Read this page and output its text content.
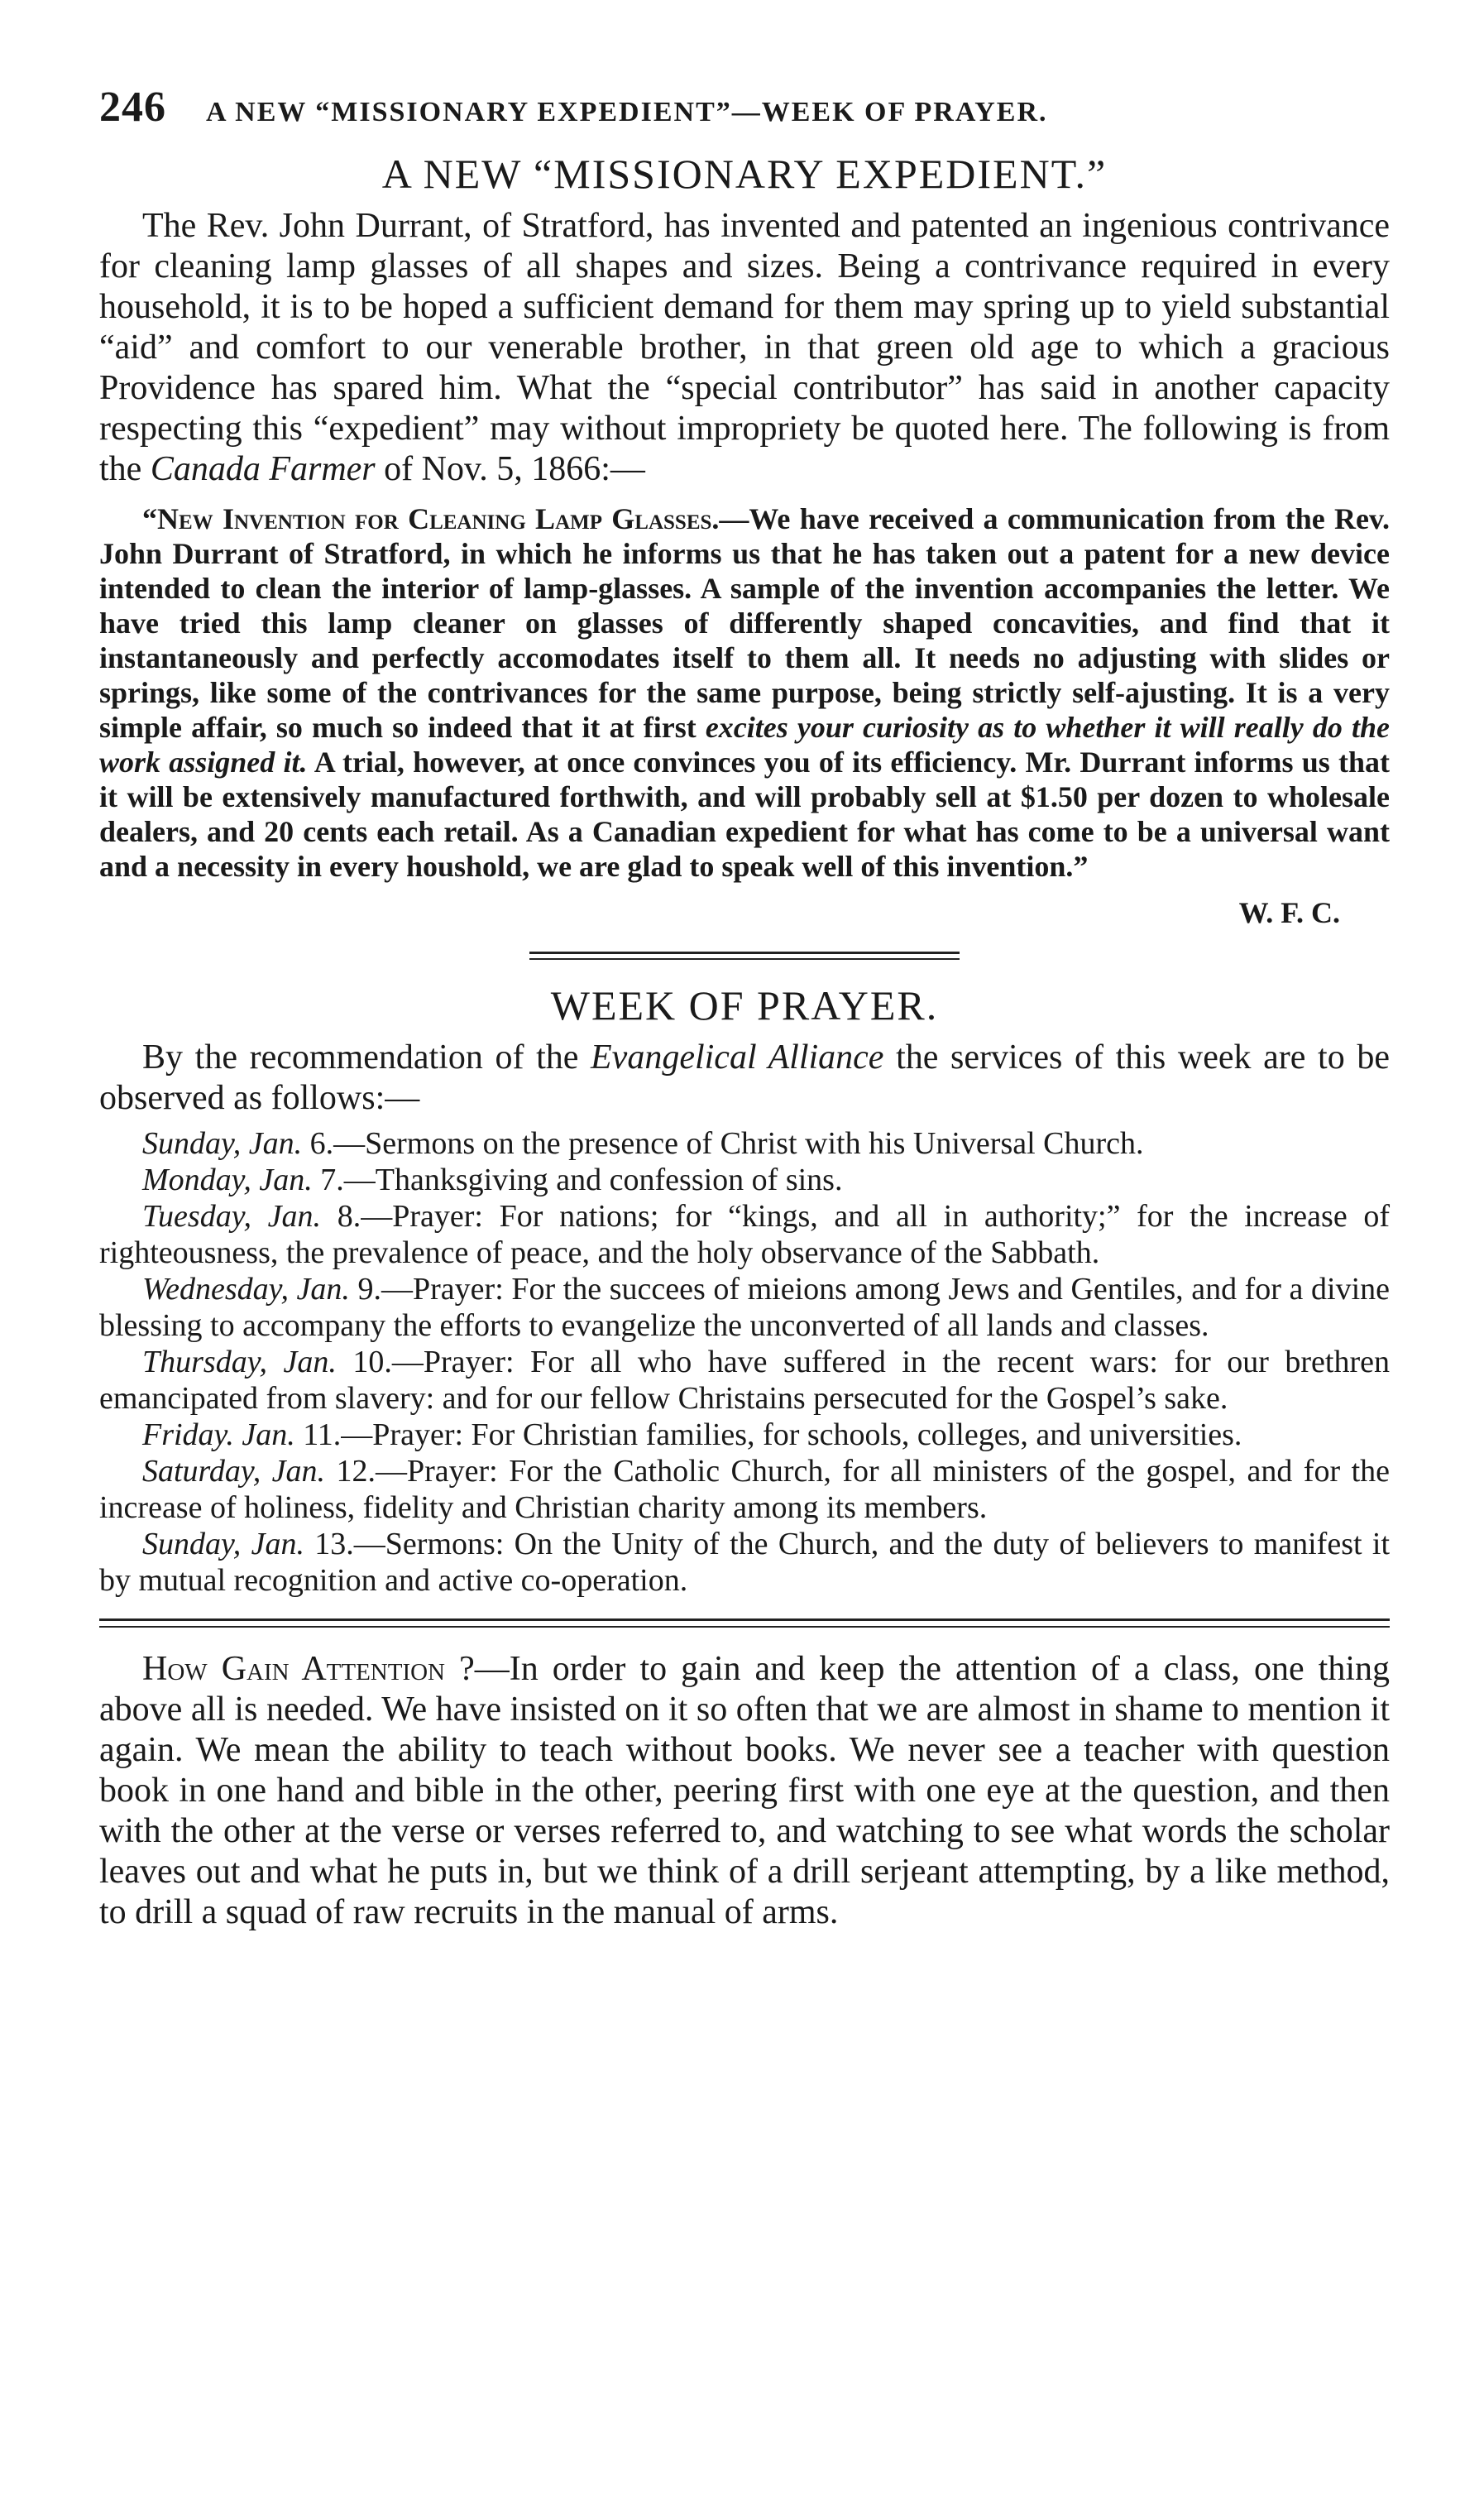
246 A NEW “MISSIONARY EXPEDIENT”—WEEK OF PRAYER.
A NEW “MISSIONARY EXPEDIENT.”

The Rev. John Durrant, of Stratford, has invented and patented an ingenious contrivance for cleaning lamp glasses of all shapes and sizes. Being a contrivance required in every household, it is to be hoped a sufficient demand for them may spring up to yield substantial “aid” and comfort to our venerable brother, in that green old age to which a gracious Providence has spared him. What the “special contributor” has said in another capacity respecting this “expedient” may without impropriety be quoted here. The following is from the Canada Farmer of Nov. 5, 1866:—

“New Invention for Cleaning Lamp Glasses.—We have received a communication from the Rev. John Durrant of Stratford, in which he informs us that he has taken out a patent for a new device intended to clean the interior of lamp-glasses. A sample of the invention accompanies the letter. We have tried this lamp cleaner on glasses of differently shaped concavities, and find that it instantaneously and perfectly accomodates itself to them all. It needs no adjusting with slides or springs, like some of the contrivances for the same purpose, being strictly self-ajusting. It is a very simple affair, so much so indeed that it at first excites your curiosity as to whether it will really do the work assigned it. A trial, however, at once convinces you of its efficiency. Mr. Durrant informs us that it will be extensively manufactured forthwith, and will probably sell at $1.50 per dozen to wholesale dealers, and 20 cents each retail. As a Canadian expedient for what has come to be a universal want and a necessity in every houshold, we are glad to speak well of this invention.”

W. F. C.
WEEK OF PRAYER.

By the recommendation of the Evangelical Alliance the services of this week are to be observed as follows:—

Sunday, Jan. 6.—Sermons on the presence of Christ with his Universal Church.

Monday, Jan. 7.—Thanksgiving and confession of sins.

Tuesday, Jan. 8.—Prayer: For nations; for “kings, and all in authority;” for the increase of righteousness, the prevalence of peace, and the holy observance of the Sabbath.

Wednesday, Jan. 9.—Prayer: For the succees of mieions among Jews and Gentiles, and for a divine blessing to accompany the efforts to evangelize the unconverted of all lands and classes.

Thursday, Jan. 10.—Prayer: For all who have suffered in the recent wars: for our brethren emancipated from slavery: and for our fellow Christains persecuted for the Gospel’s sake.

Friday. Jan. 11.—Prayer: For Christian families, for schools, colleges, and universities.

Saturday, Jan. 12.—Prayer: For the Catholic Church, for all ministers of the gospel, and for the increase of holiness, fidelity and Christian charity among its members.

Sunday, Jan. 13.—Sermons: On the Unity of the Church, and the duty of believers to manifest it by mutual recognition and active co-operation.

How Gain Attention ?—In order to gain and keep the attention of a class, one thing above all is needed. We have insisted on it so often that we are almost in shame to mention it again. We mean the ability to teach without books. We never see a teacher with question book in one hand and bible in the other, peering first with one eye at the question, and then with the other at the verse or verses referred to, and watching to see what words the scholar leaves out and what he puts in, but we think of a drill serjeant attempting, by a like method, to drill a squad of raw recruits in the manual of arms.
